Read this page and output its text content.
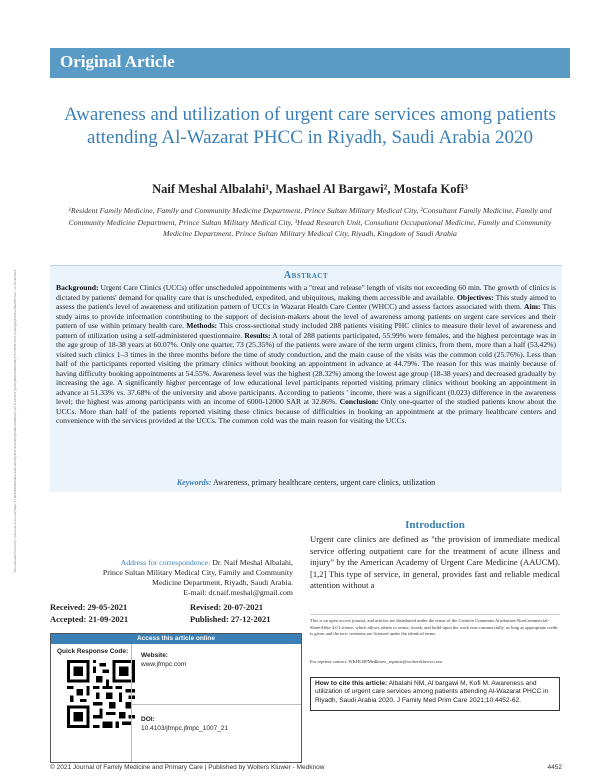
Original Article
Awareness and utilization of urgent care services among patients attending Al-Wazarat PHCC in Riyadh, Saudi Arabia 2020
Naif Meshal Albalahi¹, Mashael Al Bargawi², Mostafa Kofi³
¹Resident Family Medicine, Family and Community Medicine Department, Prince Sultan Military Medical City, ²Consultant Family Medicine, Family and Community Medicine Department, Prince Sultan Military Medical City, ³Head Research Unit, Consultant Occupational Medicine, Family and Community Medicine Department, Prince Sultan Military Medical City, Riyadh, Kingdom of Saudi Arabia
Downloaded from http://journals.lww.com/jfmpc by BhDMf5ePHKav1zEoum1tQfN4a+kJLhEZgbsIHo4XMi0hCywCX1AWnYQp/IlQrHD3i3D0OdRyi7TvSFl4Cf3VC1y0abggQZXdtwnfKZBYtws= on 12/30/2021	Abstract
Background: Urgent Care Clinics (UCCs) offer unscheduled appointments with a "treat and release" length of visits not exceeding 60 min. The growth of clinics is dictated by patients' demand for quality care that is unscheduled, expedited, and ubiquitous, making them accessible and available. Objectives: This study aimed to assess the patient's level of awareness and utilization pattern of UCCs in Wazarat Health Care Center (WHCC) and assess factors associated with them. Aim: This study aims to provide information contributing to the support of decision-makers about the level of awareness among patients on urgent care services and their pattern of use within primary health care. Methods: This cross-sectional study included 288 patients visiting PHC clinics to measure their level of awareness and pattern of utilization using a self-administered questionnaire. Results: A total of 288 patients participated, 55.99% were females, and the highest percentage was in the age group of 18-38 years at 60.07%. Only one quarter, 73 (25.35%) of the patients were aware of the term urgent clinics, from them, more than a half (53.42%) visited such clinics 1–3 times in the three months before the time of study conduction, and the main cause of the visits was the common cold (25.76%). Less than half of the participants reported visiting the primary clinics without booking an appointment in advance at 44.79%. The reason for this was mainly because of having difficulty booking appointments at 54.55%. Awareness level was the highest (28.32%) among the lowest age group (18-38 years) and decreased gradually by increasing the age. A significantly higher percentage of low educational level participants reported visiting primary clinics without booking an appointment in advance at 51.33% vs. 37.68% of the university and above participants. According to patients ' income, there was a significant (0.023) difference in the awareness level; the highest was among participants with an income of 6000-12000 SAR at 32.86%. Conclusion: Only one-quarter of the studied patients know about the UCCs. More than half of the patients reported visiting these clinics because of difficulties in booking an appointment at the primary healthcare centers and convenience with the services provided at the UCCs. The common cold was the main reason for visiting the UCCs.
Keywords: Awareness, primary healthcare centers, urgent care clinics, utilization
Address for correspondence: Dr. Naif Meshal Albalahi,
Prince Sultan Military Medical City, Family and Community
Medicine Department, Riyadh, Saudi Arabia.
E-mail: dr.naif.meshal@gmail.com
Received: 29-05-2021	Revised: 20-07-2021
Accepted: 21-09-2021	Published: 27-12-2021
Access this article online
Quick Response Code:
Website:
www.jfmpc.com
DOI:
10.4103/jfmpc.jfmpc_1007_21
Introduction
Urgent care clinics are defined as "the provision of immediate medical service offering outpatient care for the treatment of acute illness and injury" by the American Academy of Urgent Care Medicine (AAUCM).[1,2] This type of service, in general, provides fast and reliable medical attention without a
This is an open access journal, and articles are distributed under the terms of the Creative Commons Attribution-NonCommercial-ShareAlike 4.0 License, which allows others to remix, tweak, and build upon the work non-commercially, as long as appropriate credit is given and the new creations are licensed under the identical terms.
For reprints contact: WKHLRPMedknow_reprints@wolterskluwer.com

How to cite this article: Albalahi NM, Al bargawi M, Kofi M. Awareness and utilization of urgent care services among patients attending Al-Wazarat PHCC in Riyadh, Saudi Arabia 2020. J Family Med Prim Care 2021;10:4452-62.

© 2021 Journal of Family Medicine and Primary Care | Published by Wolters Kluwer - Medknow	4452
